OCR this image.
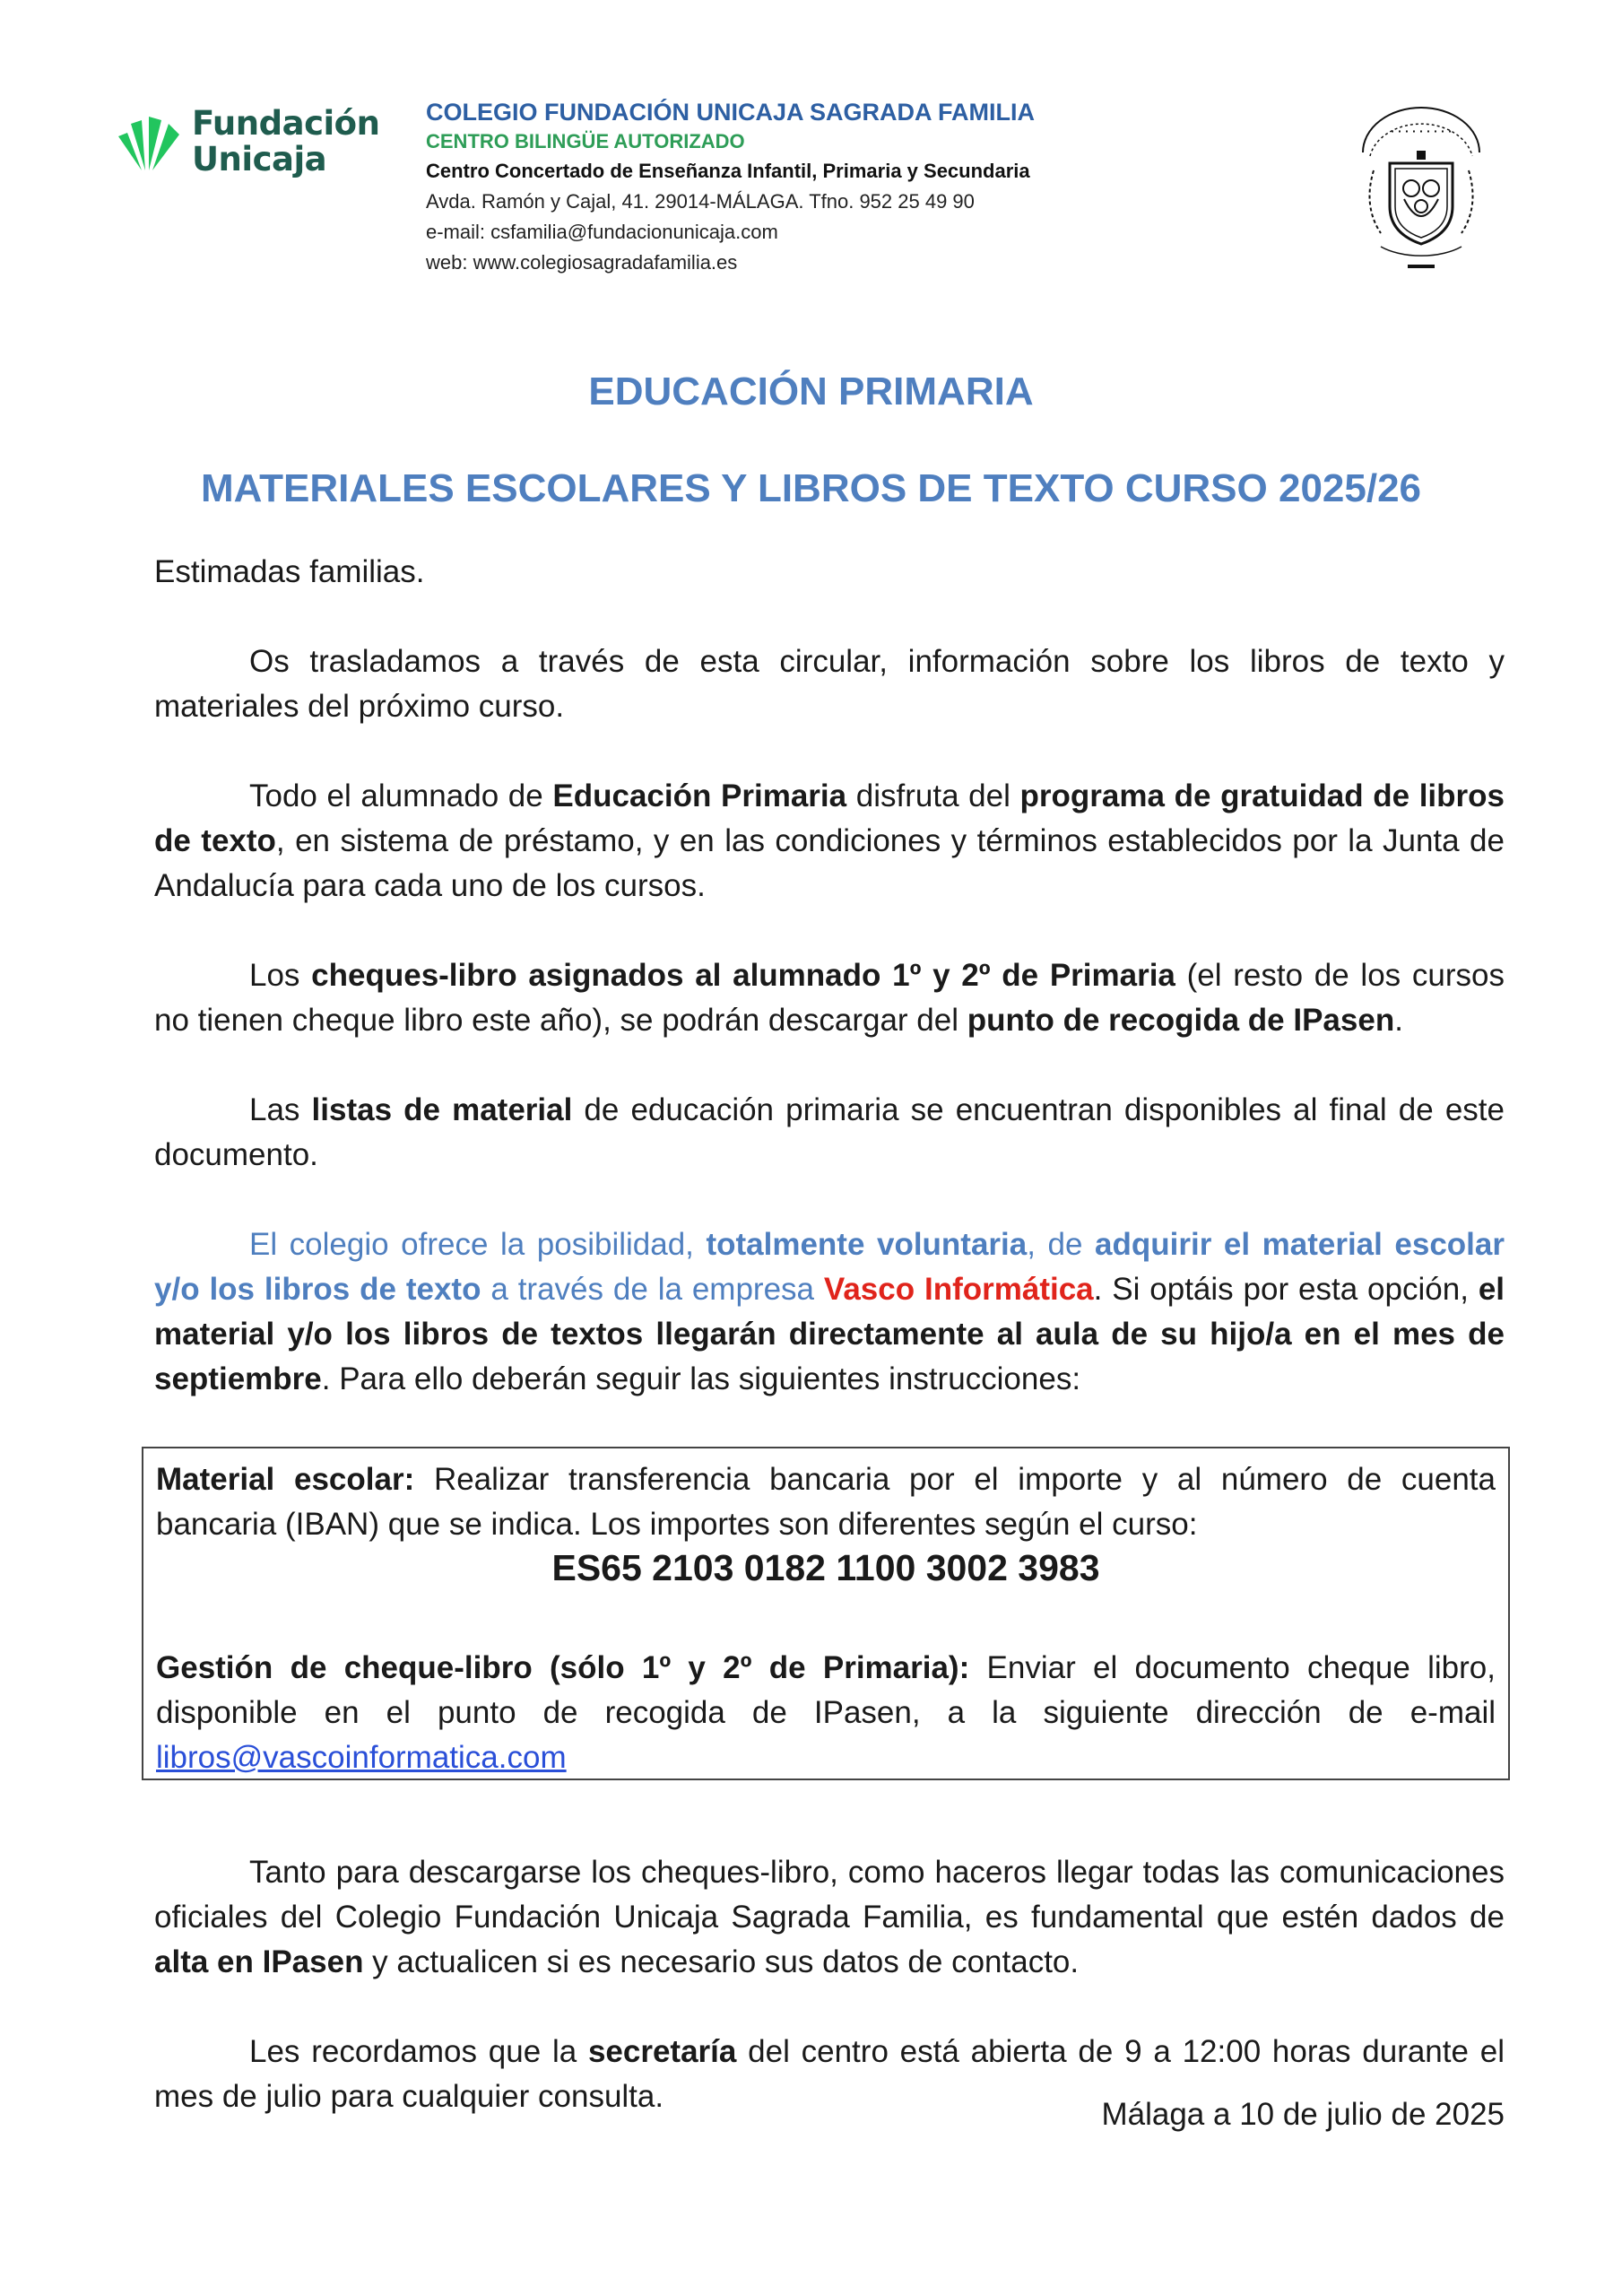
Fundación
Unicaja
COLEGIO FUNDACIÓN UNICAJA SAGRADA FAMILIA
CENTRO BILINGÜE AUTORIZADO
Centro Concertado de Enseñanza Infantil, Primaria y Secundaria
Avda. Ramón y Cajal, 41. 29014-MÁLAGA. Tfno. 952 25 49 90
e-mail: csfamilia@fundacionunicaja.com
web: www.colegiosagradafamilia.es
· · · · · · · · ·
EDUCACIÓN PRIMARIA
MATERIALES ESCOLARES Y LIBROS DE TEXTO CURSO 2025/26
Estimadas familias.
Os trasladamos a través de esta circular, información sobre los libros de texto y materiales del próximo curso.
Todo el alumnado de Educación Primaria disfruta del programa de gratuidad de libros de texto, en sistema de préstamo, y en las condiciones y términos establecidos por la Junta de Andalucía para cada uno de los cursos.
Los cheques-libro asignados al alumnado 1º y 2º de Primaria (el resto de los cursos no tienen cheque libro este año), se podrán descargar del punto de recogida de IPasen.
Las listas de material de educación primaria se encuentran disponibles al final de este documento.
El colegio ofrece la posibilidad, totalmente voluntaria, de adquirir el material escolar y/o los libros de texto a través de la empresa Vasco Informática. Si optáis por esta opción, el material y/o los libros de textos llegarán directamente al aula de su hijo/a en el mes de septiembre. Para ello deberán seguir las siguientes instrucciones:
Material escolar: Realizar transferencia bancaria por el importe y al número de cuenta bancaria (IBAN) que se indica. Los importes son diferentes según el curso:
ES65 2103 0182 1100 3002 3983
Gestión de cheque-libro (sólo 1º y 2º de Primaria): Enviar el documento cheque libro, disponible en el punto de recogida de IPasen, a la siguiente dirección de e-mail libros@vascoinformatica.com
Tanto para descargarse los cheques-libro, como haceros llegar todas las comunicaciones oficiales del Colegio Fundación Unicaja Sagrada Familia, es fundamental que estén dados de alta en IPasen y actualicen si es necesario sus datos de contacto.
Les recordamos que la secretaría del centro está abierta de 9 a 12:00 horas durante el mes de julio para cualquier consulta.
Málaga a 10 de julio de 2025
